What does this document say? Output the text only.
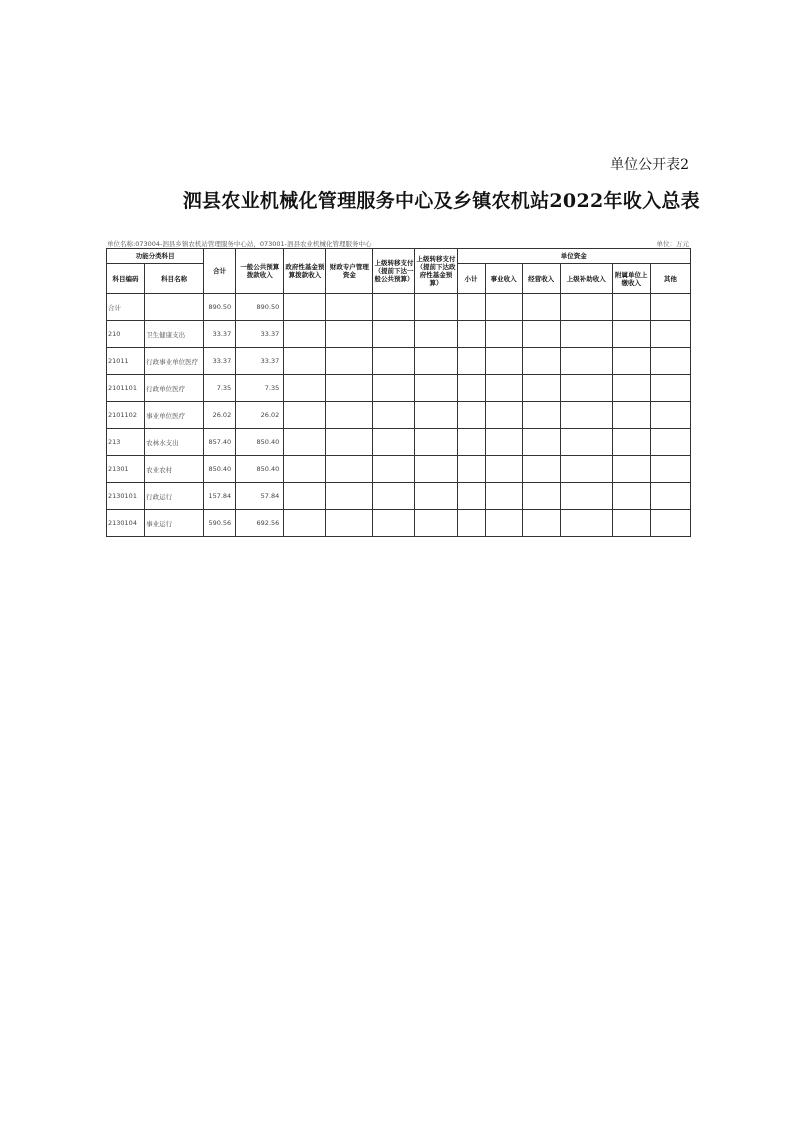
单位公开表2
泗县农业机械化管理服务中心及乡镇农机站2022年收入总表
单位名称:073004-泗县乡镇农机站管理服务中心站，073001-泗县农业机械化管理服务中心	单位：万元
功能分类科目		合计	一般公共预算拨款收入	政府性基金预算拨款收入	财政专户管理资金	上级转移支付（提前下达一般公共预算）	上级转移支付（提前下达政府性基金预算）	单位资金					
科目编码	科目名称							小计	事业收入	经营收入	上级补助收入	附属单位上缴收入	其他
合计		890.50	890.50										
210	卫生健康支出	33.37	33.37										
21011	行政事业单位医疗	33.37	33.37										
2101101	行政单位医疗	7.35	7.35										
2101102	事业单位医疗	26.02	26.02										
213	农林水支出	857.40	850.40										
21301	农业农村	850.40	850.40										
2130101	行政运行	157.84	57.84										
2130104	事业运行	590.56	692.56										
